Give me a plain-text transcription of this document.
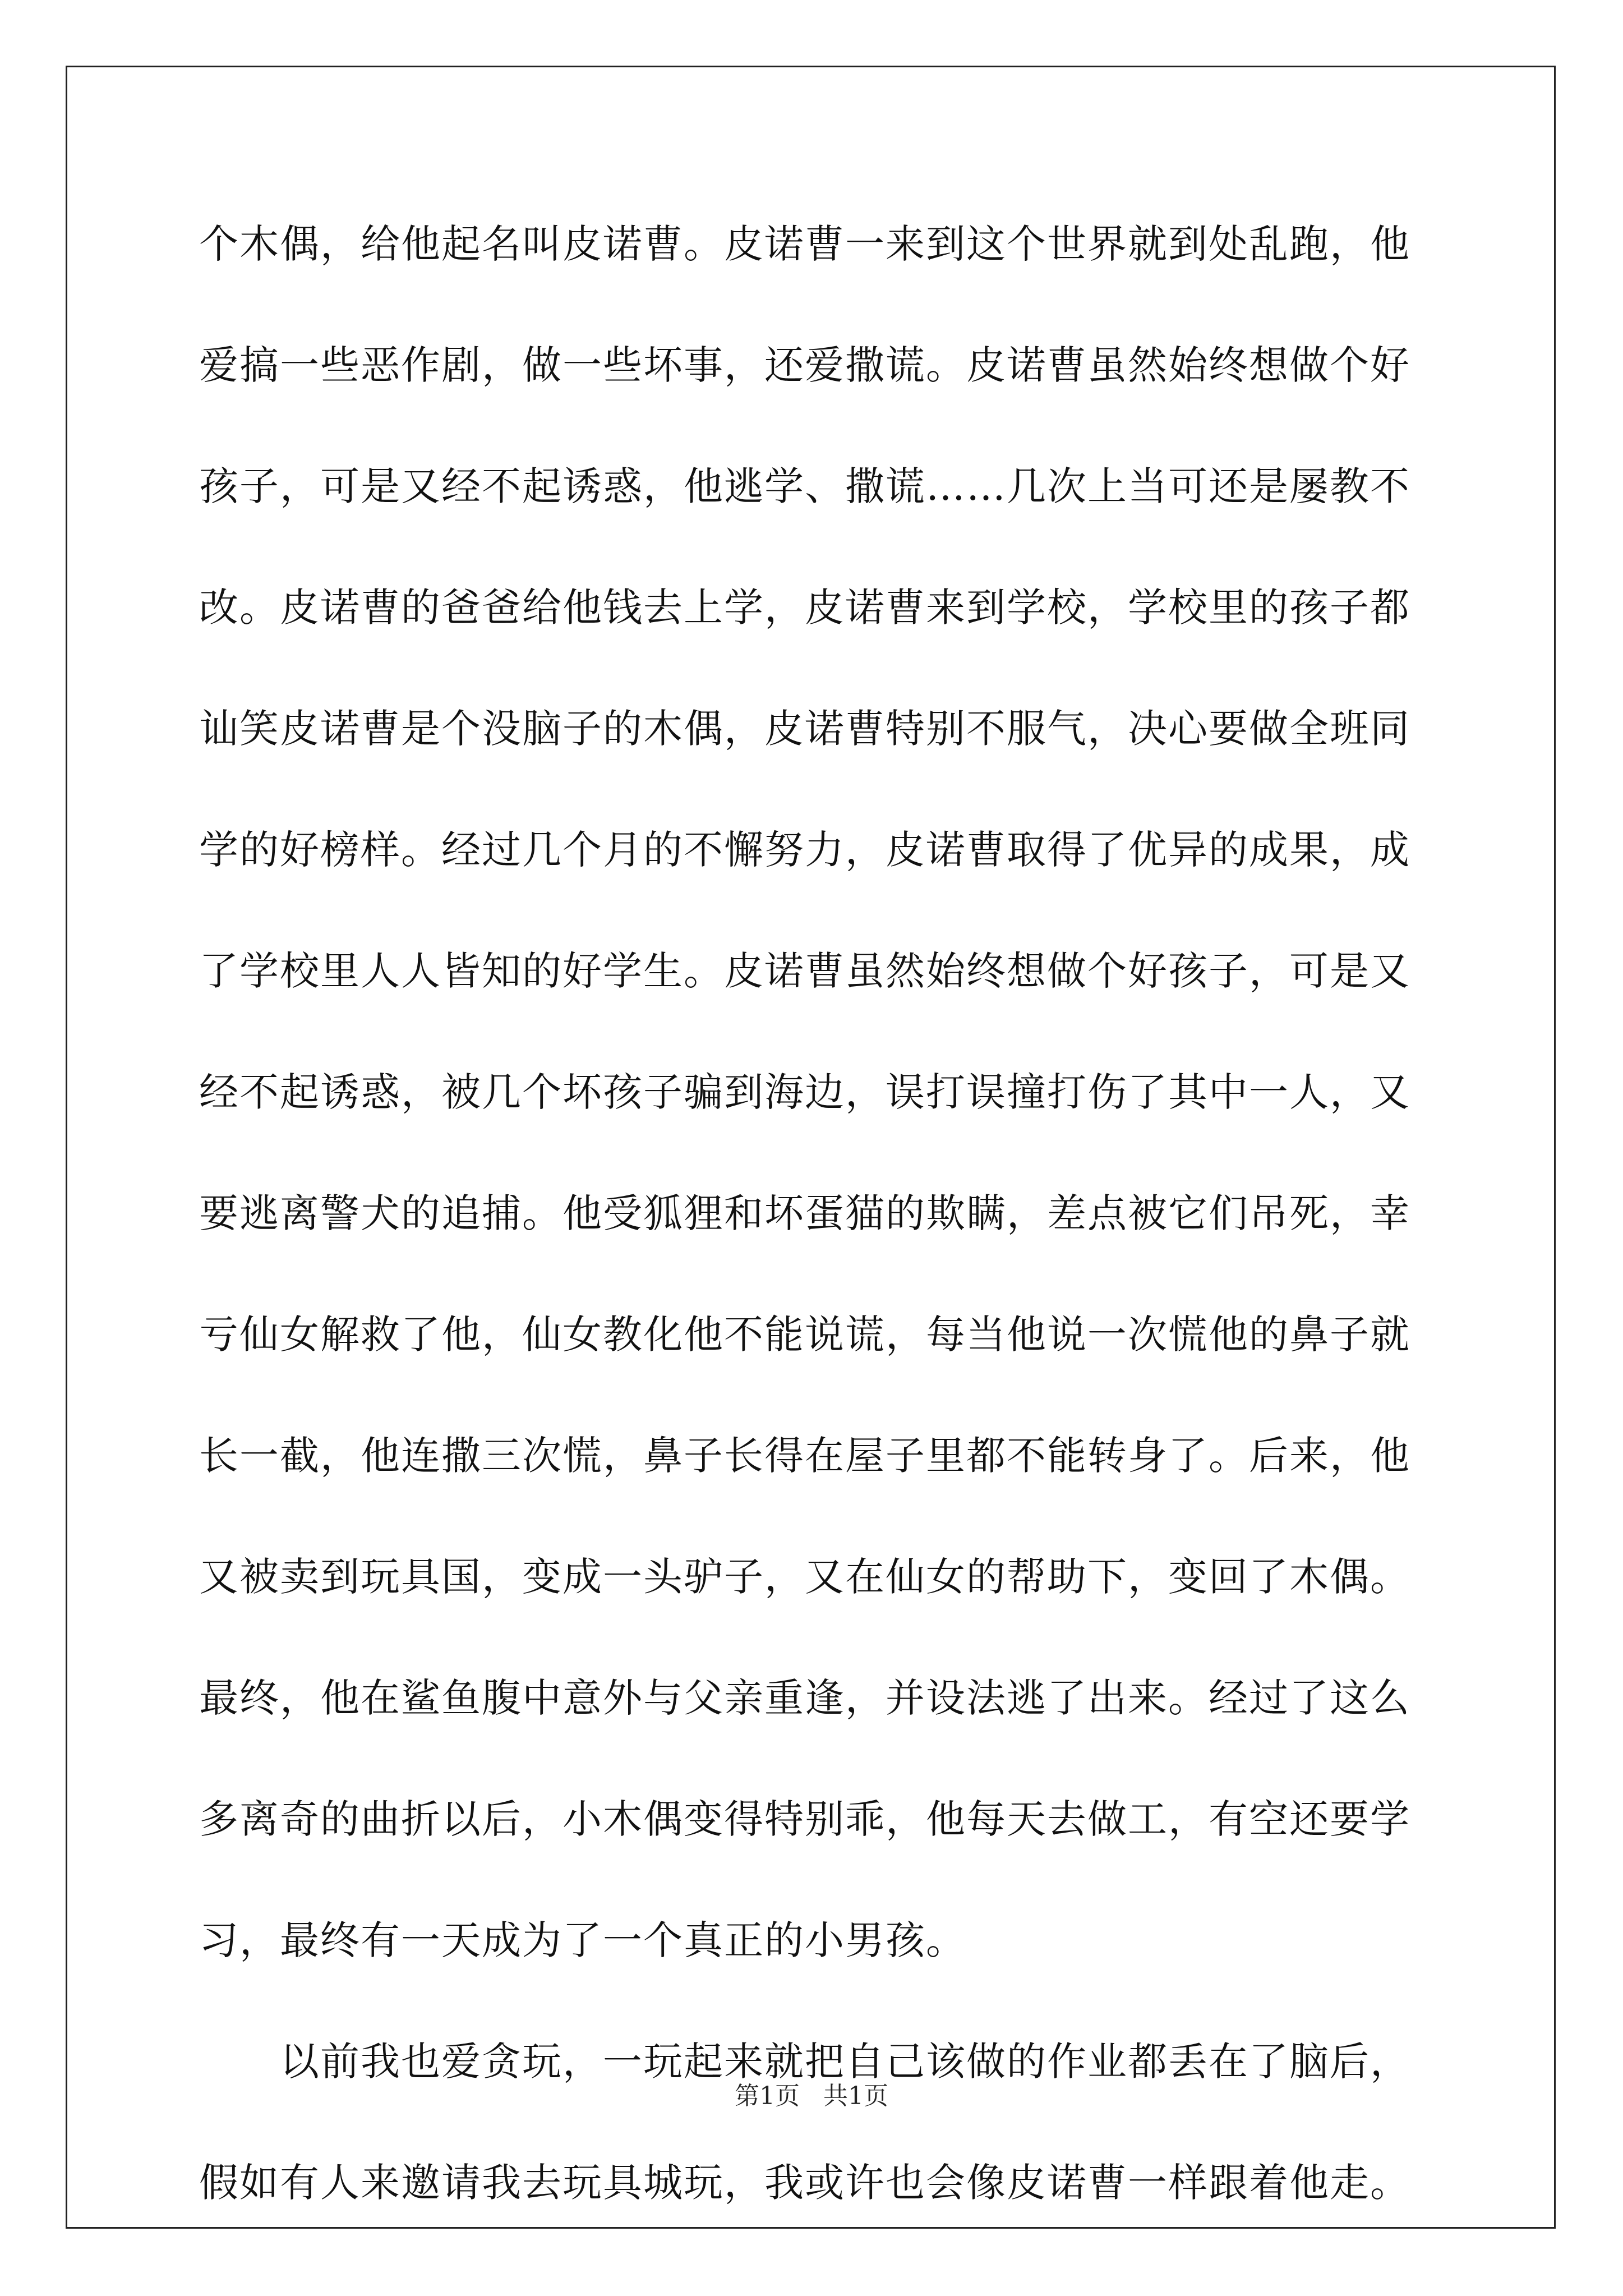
个木偶，给他起名叫皮诺曹。皮诺曹一来到这个世界就到处乱跑，他
爱搞一些恶作剧，做一些坏事，还爱撒谎。皮诺曹虽然始终想做个好
孩子，可是又经不起诱惑，他逃学、撒谎……几次上当可还是屡教不
改。皮诺曹的爸爸给他钱去上学，皮诺曹来到学校，学校里的孩子都
讪笑皮诺曹是个没脑子的木偶，皮诺曹特别不服气，决心要做全班同
学的好榜样。经过几个月的不懈努力，皮诺曹取得了优异的成果，成
了学校里人人皆知的好学生。皮诺曹虽然始终想做个好孩子，可是又
经不起诱惑，被几个坏孩子骗到海边，误打误撞打伤了其中一人，又
要逃离警犬的追捕。他受狐狸和坏蛋猫的欺瞒，差点被它们吊死，幸
亏仙女解救了他，仙女教化他不能说谎，每当他说一次慌他的鼻子就
长一截，他连撒三次慌，鼻子长得在屋子里都不能转身了。后来，他
又被卖到玩具国，变成一头驴子，又在仙女的帮助下，变回了木偶。
最终，他在鲨鱼腹中意外与父亲重逢，并设法逃了出来。经过了这么
多离奇的曲折以后，小木偶变得特别乖，他每天去做工，有空还要学
习，最终有一天成为了一个真正的小男孩。
　　以前我也爱贪玩，一玩起来就把自己该做的作业都丢在了脑后，
假如有人来邀请我去玩具城玩，我或许也会像皮诺曹一样跟着他走。
第1页 共1页
